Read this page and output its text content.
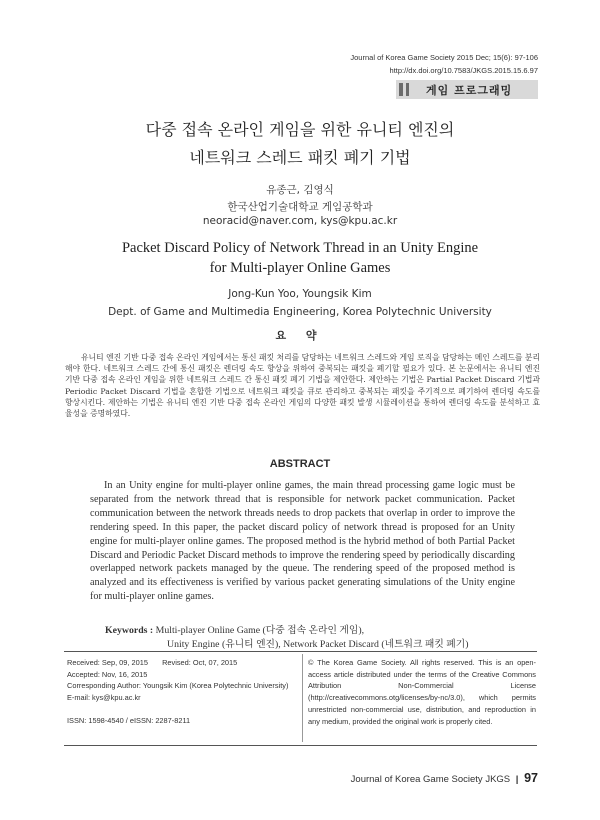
Journal of Korea Game Society 2015 Dec; 15(6): 97-106
http://dx.doi.org/10.7583/JKGS.2015.15.6.97
게임 프로그래밍
다중 접속 온라인 게임을 위한 유니티 엔진의
네트워크 스레드 패킷 폐기 기법
유종근, 김영식
한국산업기술대학교 게임공학과
neoracid@naver.com, kys@kpu.ac.kr
Packet Discard Policy of Network Thread in an Unity Engine
for Multi-player Online Games
Jong-Kun Yoo, Youngsik Kim
Dept. of Game and Multimedia Engineering, Korea Polytechnic University
요 약
유니티 엔진 기반 다중 접속 온라인 게임에서는 통신 패킷 처리를 담당하는 네트워크 스레드와 게임 로직을 담당하는 메인 스레드를 분리해야 한다. 네트워크 스레드 간에 통신 패킷은 렌더링 속도 향상을 위하여 중복되는 패킷을 폐기할 필요가 있다. 본 논문에서는 유니티 엔진 기반 다중 접속 온라인 게임을 위한 네트워크 스레드 간 통신 패킷 폐기 기법을 제안한다. 제안하는 기법은 Partial Packet Discard 기법과 Periodic Packet Discard 기법을 혼합한 기법으로 네트워크 패킷을 큐로 관리하고 중복되는 패킷을 주기적으로 폐기하여 렌더링 속도를 향상시킨다. 제안하는 기법은 유니티 엔진 기반 다중 접속 온라인 게임의 다양한 패킷 발생 시뮬레이션을 통하여 렌더링 속도를 분석하고 효율성을 증명하였다.
ABSTRACT
In an Unity engine for multi-player online games, the main thread processing game logic must be separated from the network thread that is responsible for network packet communication. Packet communication between the network threads needs to drop packets that overlap in order to improve the rendering speed. In this paper, the packet discard policy of network thread is proposed for an Unity engine for multi-player online games. The proposed method is the hybrid method of both Partial Packet Discard and Periodic Packet Discard methods to improve the rendering speed by periodically discarding overlapped network packets managed by the queue. The rendering speed of the proposed method is analyzed and its effectiveness is verified by various packet generating simulations of the Unity engine for multi-player online games.
Keywords : Multi-player Online Game (다중 접속 온라인 게임),
Unity Engine (유니티 엔진), Network Packet Discard (네트워크 패킷 폐기)
Received: Sep, 09, 2015 Revised: Oct, 07, 2015
Accepted: Nov, 16, 2015
Corresponding Author: Youngsik Kim (Korea Polytechnic University)
E-mail: kys@kpu.ac.kr
ISSN: 1598-4540 / eISSN: 2287-8211
© The Korea Game Society. All rights reserved. This is an open-access article distributed under the terms of the Creative Commons Attribution Non-Commercial License (http://creativecommons.otg/licenses/by-nc/3.0), which permits unrestricted non-commercial use, distribution, and reproduction in any medium, provided the original work is properly cited.
Journal of Korea Game Society JKGS | 97
